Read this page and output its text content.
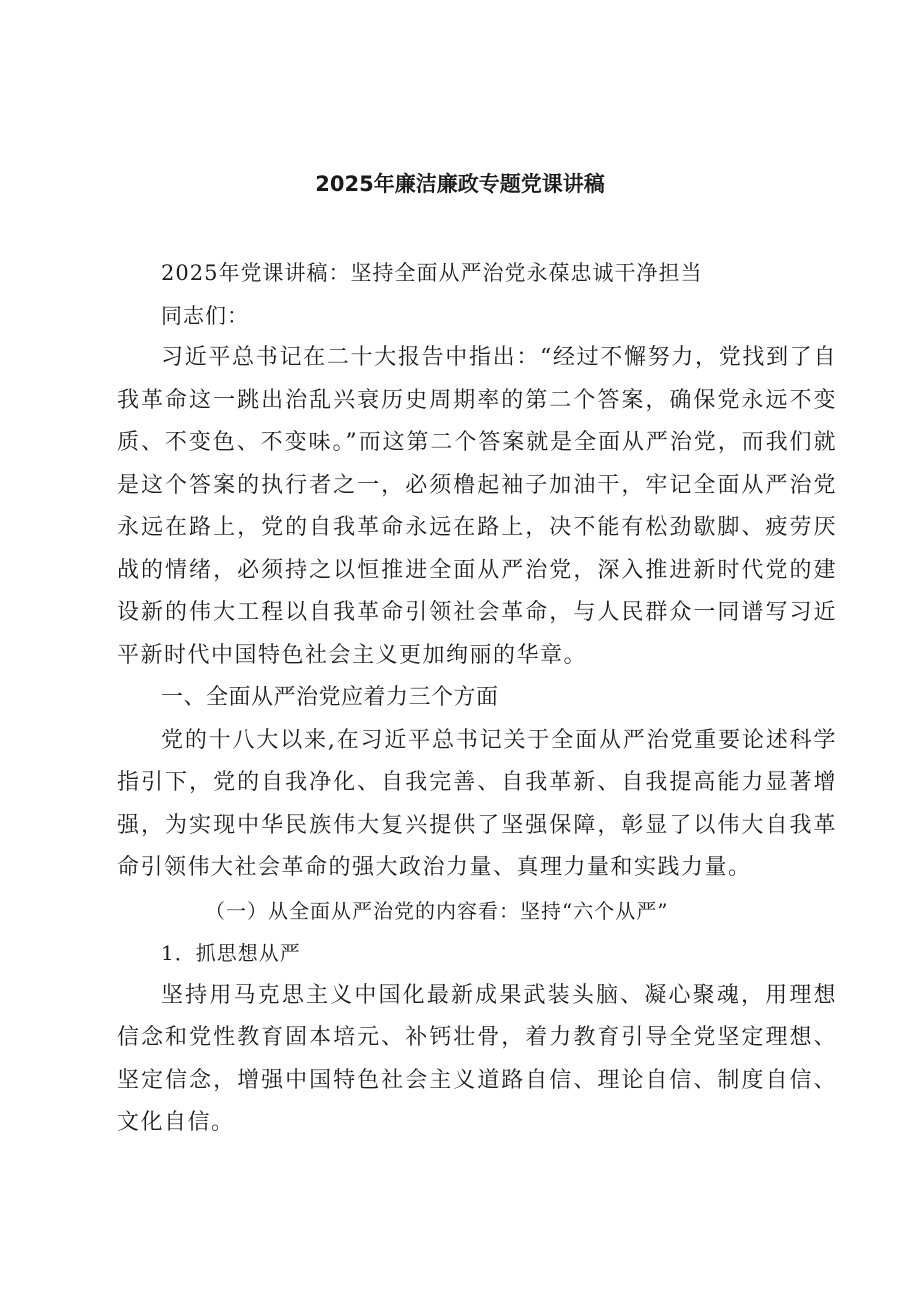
2025年廉洁廉政专题党课讲稿

2025年党课讲稿：坚持全面从严治党永葆忠诚干净担当

同志们：

习近平总书记在二十大报告中指出：“经过不懈努力，党找到了自我革命这一跳出治乱兴衰历史周期率的第二个答案，确保党永远不变质、不变色、不变味。”而这第二个答案就是全面从严治党，而我们就是这个答案的执行者之一，必须橹起袖子加油干，牢记全面从严治党永远在路上，党的自我革命永远在路上，决不能有松劲歇脚、疲劳厌战的情绪，必须持之以恒推进全面从严治党，深入推进新时代党的建设新的伟大工程以自我革命引领社会革命，与人民群众一同谱写习近平新时代中国特色社会主义更加绚丽的华章。

一、全面从严治党应着力三个方面

党的十八大以来,在习近平总书记关于全面从严治党重要论述科学指引下，党的自我净化、自我完善、自我革新、自我提高能力显著增强，为实现中华民族伟大复兴提供了坚强保障，彰显了以伟大自我革命引领伟大社会革命的强大政治力量、真理力量和实践力量。

（一）从全面从严治党的内容看：坚持“六个从严”

1．抓思想从严

坚持用马克思主义中国化最新成果武装头脑、凝心聚魂，用理想信念和党性教育固本培元、补钙壮骨，着力教育引导全党坚定理想、坚定信念，增强中国特色社会主义道路自信、理论自信、制度自信、文化自信。
